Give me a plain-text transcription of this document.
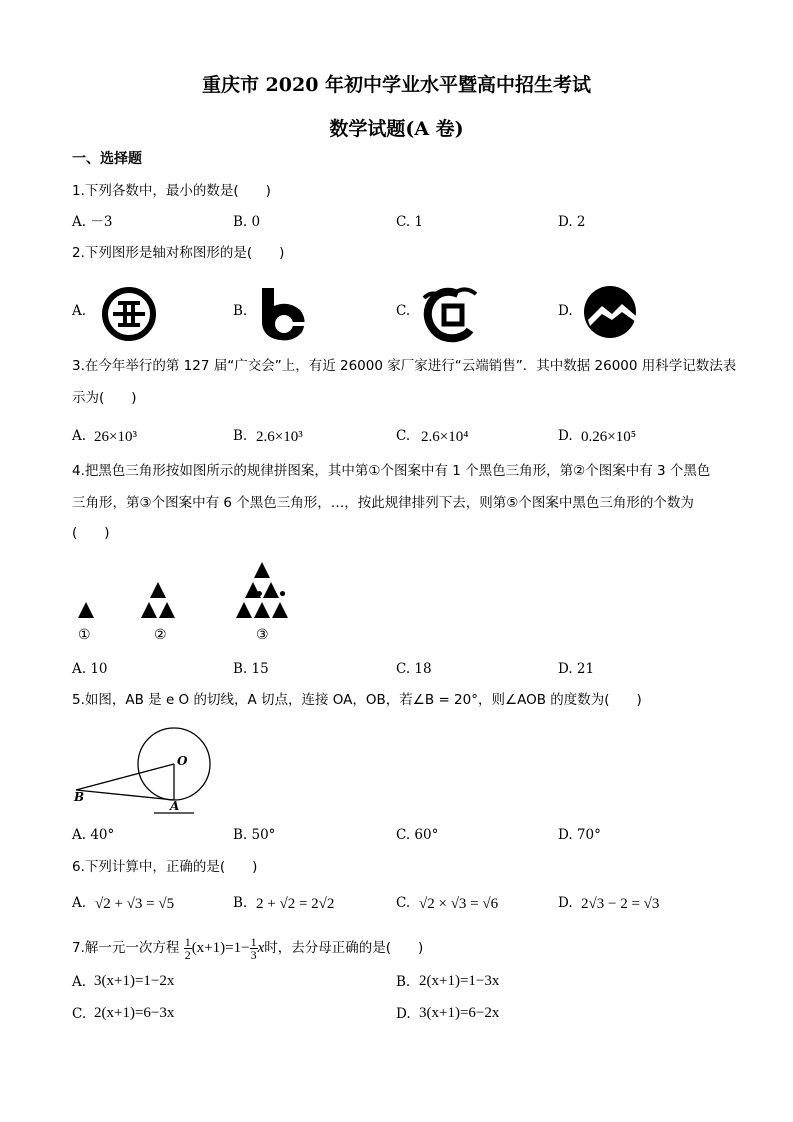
重庆市 2020 年初中学业水平暨高中招生考试
数学试题(A 卷)
一、选择题
1.下列各数中，最小的数是(　　)
A. －3	B. 0	C. 1	D. 2
2.下列图形是轴对称图形的是(　　)
A.	B.	C.	D.
3.在今年举行的第 127 届“广交会”上，有近 26000 家厂家进行“云端销售”．其中数据 26000 用科学记数法表
示为(　　)
A. 26×10³	B. 2.6×10³	C. 2.6×10⁴	D. 0.26×10⁵
4.把黑色三角形按如图所示的规律拼图案，其中第①个图案中有 1 个黑色三角形，第②个图案中有 3 个黑色
三角形，第③个图案中有 6 个黑色三角形，…，按此规律排列下去，则第⑤个图案中黑色三角形的个数为
(　　)
•••
①	②	③
A. 10	B. 15	C. 18	D. 21
5.如图，AB 是 e O 的切线，A 切点，连接 OA，OB，若∠B = 20°，则∠AOB 的度数为(　　)
O
B
A
A. 40°	B. 50°	C. 60°	D. 70°
6.下列计算中，正确的是(　　)
A. √2 + √3 = √5	B. 2 + √2 = 2√2	C. √2 × √3 = √6	D. 2√3 − 2 = √3
7.解一元一次方程 $\frac{1}{2} (x+1)=1- \frac{1}{3}$ x时，去分母正确的是(　　)
A. 3(x+1)=1−2x	B. 2(x+1)=1−3x
C. 2(x+1)=6−3x	D. 3(x+1)=6−2x
